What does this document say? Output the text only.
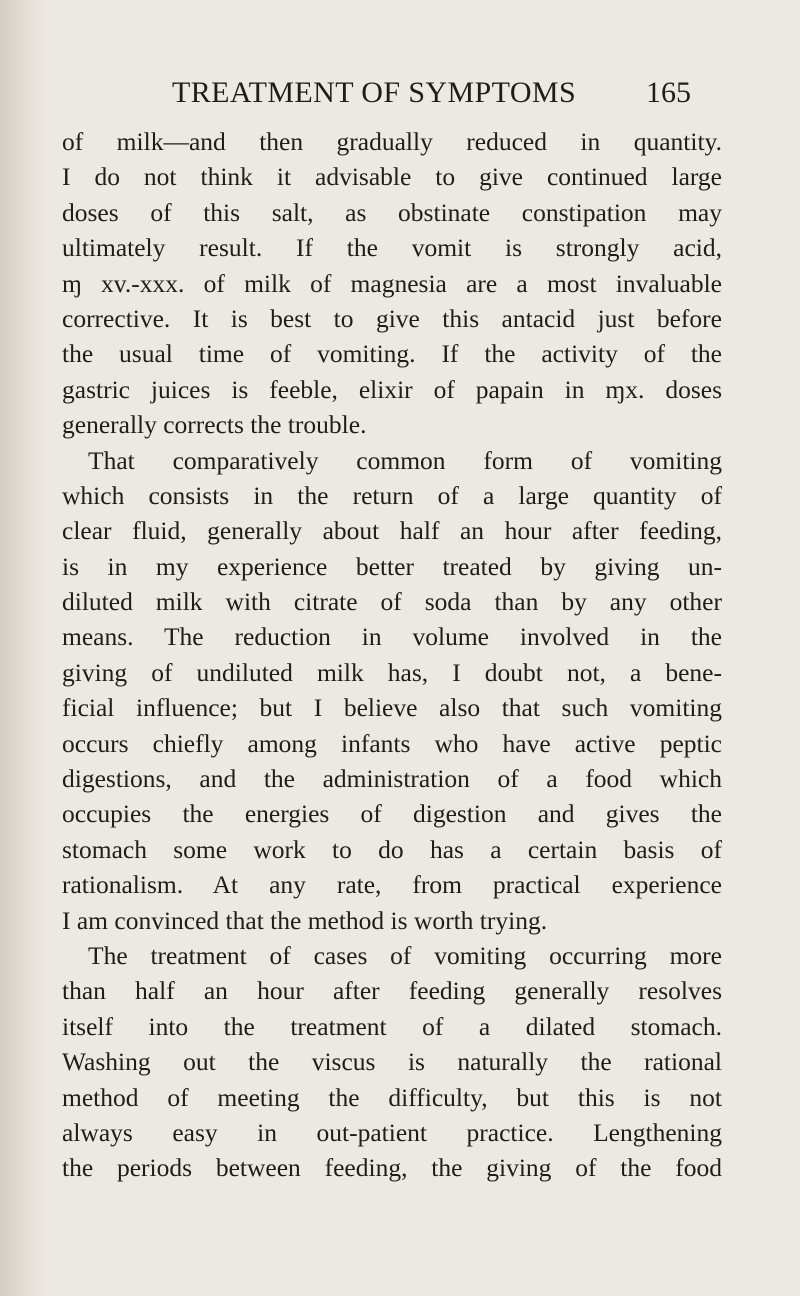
TREATMENT OF SYMPTOMS 165
of milk—and then gradually reduced in quantity.
I do not think it advisable to give continued large
doses of this salt, as obstinate constipation may
ultimately result. If the vomit is strongly acid,
ɱ xv.-xxx. of milk of magnesia are a most invaluable
corrective. It is best to give this antacid just before
the usual time of vomiting. If the activity of the
gastric juices is feeble, elixir of papain in ɱx. doses
generally corrects the trouble.
That comparatively common form of vomiting
which consists in the return of a large quantity of
clear fluid, generally about half an hour after feeding,
is in my experience better treated by giving un-
diluted milk with citrate of soda than by any other
means. The reduction in volume involved in the
giving of undiluted milk has, I doubt not, a bene-
ficial influence; but I believe also that such vomiting
occurs chiefly among infants who have active peptic
digestions, and the administration of a food which
occupies the energies of digestion and gives the
stomach some work to do has a certain basis of
rationalism. At any rate, from practical experience
I am convinced that the method is worth trying.
The treatment of cases of vomiting occurring more
than half an hour after feeding generally resolves
itself into the treatment of a dilated stomach.
Washing out the viscus is naturally the rational
method of meeting the difficulty, but this is not
always easy in out-patient practice. Lengthening
the periods between feeding, the giving of the food
